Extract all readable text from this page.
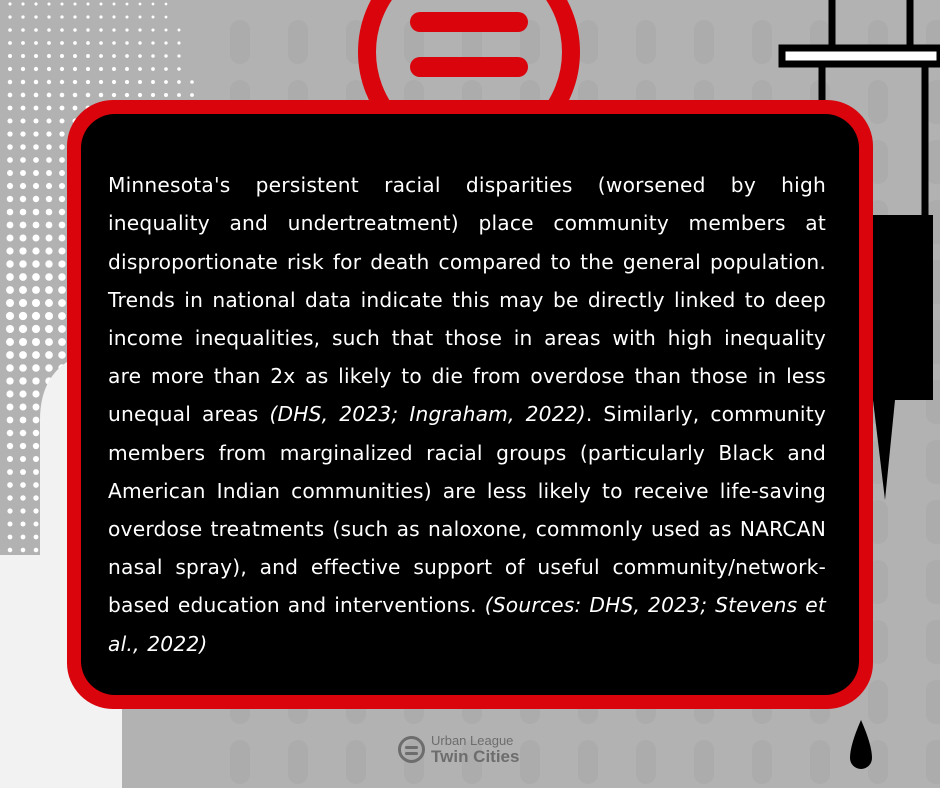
Minnesota's persistent racial disparities (worsened by high inequality and undertreatment) place community members at disproportionate risk for death compared to the general population. Trends in national data indicate this may be directly linked to deep income inequalities, such that those in areas with high inequality are more than 2x as likely to die from overdose than those in less unequal areas (DHS, 2023; Ingraham, 2022). Similarly, community members from marginalized racial groups (particularly Black and American Indian communities) are less likely to receive life-saving overdose treatments (such as naloxone, commonly used as NARCAN nasal spray), and effective support of useful community/network-based education and interventions. (Sources: DHS, 2023; Stevens et al., 2022)

Urban League
Twin Cities
